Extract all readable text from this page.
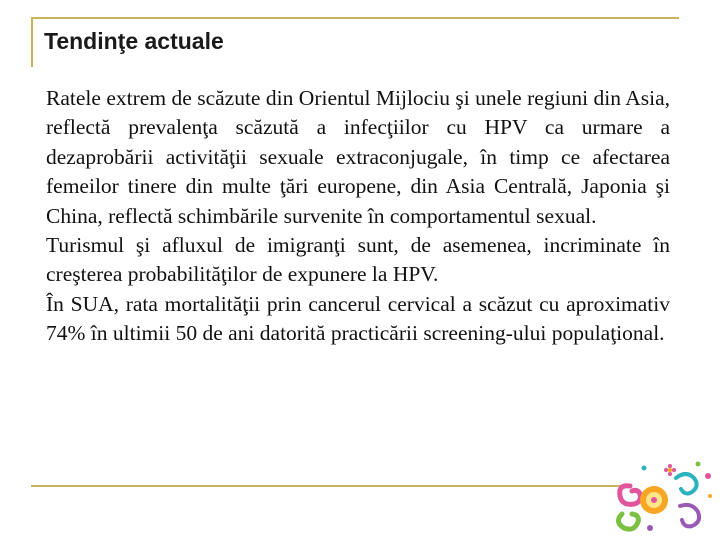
Tendinţe actuale

Ratele extrem de scăzute din Orientul Mijlociu şi unele regiuni din Asia, reflectă prevalenţa scăzută a infecţiilor cu HPV ca urmare a dezaprobării activităţii sexuale extraconjugale, în timp ce afectarea femeilor tinere din multe ţări europene, din Asia Centrală, Japonia şi China, reflectă schimbările survenite în comportamentul sexual.

Turismul şi afluxul de imigranţi sunt, de asemenea, incriminate în creşterea probabilităţilor de expunere la HPV.

În SUA, rata mortalităţii prin cancerul cervical a scăzut cu aproximativ 74% în ultimii 50 de ani datorită practicării screening-ului populaţional.
